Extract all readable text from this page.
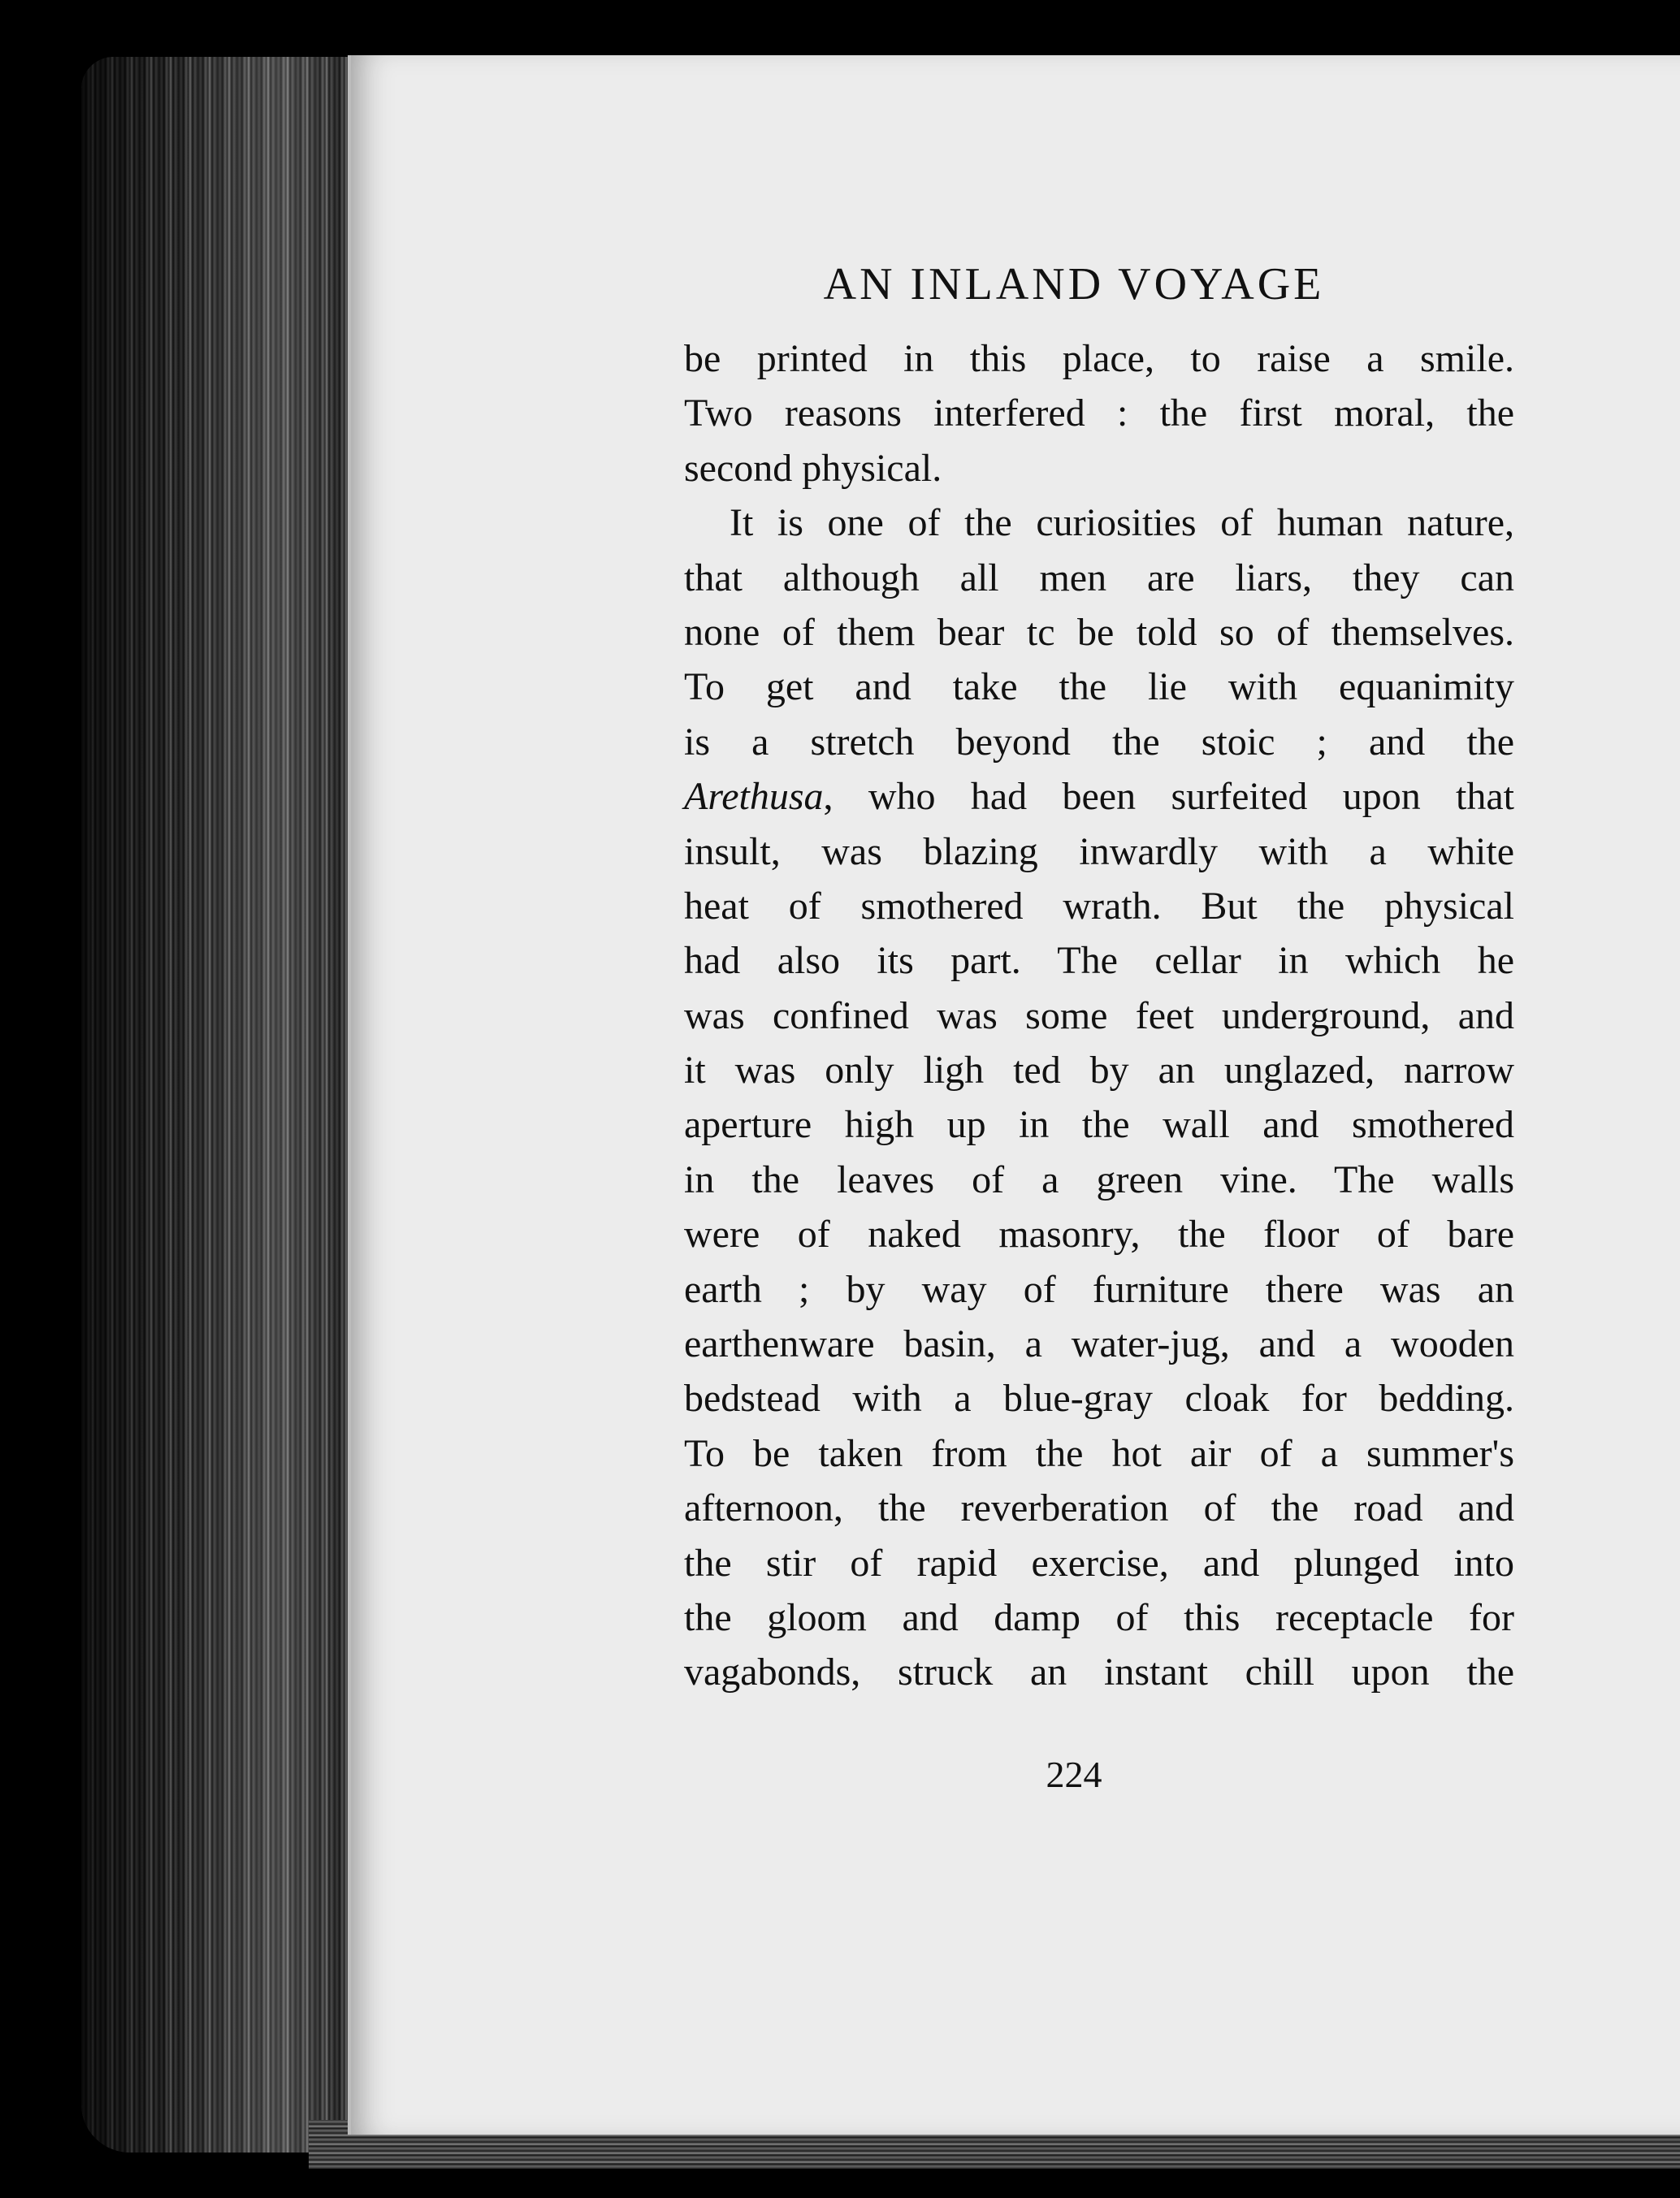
AN INLAND VOYAGE
be printed in this place, to raise a smile.
Two reasons interfered : the first moral, the
second physical.
It is one of the curiosities of human nature,
that although all men are liars, they can
none of them bear tc be told so of themselves.
To get and take the lie with equanimity
is a stretch beyond the stoic ; and the
Arethusa, who had been surfeited upon that
insult, was blazing inwardly with a white
heat of smothered wrath. But the physical
had also its part. The cellar in which he
was confined was some feet underground, and
it was only ligh ted by an unglazed, narrow
aperture high up in the wall and smothered
in the leaves of a green vine. The walls
were of naked masonry, the floor of bare
earth ; by way of furniture there was an
earthenware basin, a water-jug, and a wooden
bedstead with a blue-gray cloak for bedding.
To be taken from the hot air of a summer's
afternoon, the reverberation of the road and
the stir of rapid exercise, and plunged into
the gloom and damp of this receptacle for
vagabonds, struck an instant chill upon the
224
